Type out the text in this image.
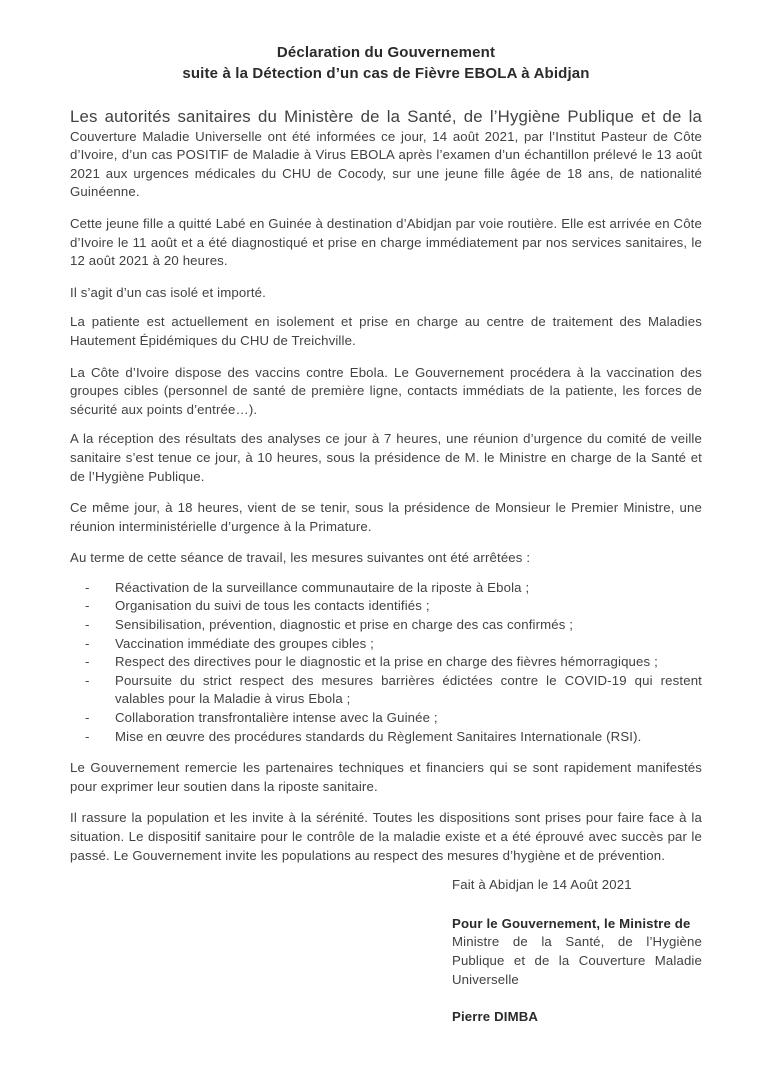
Déclaration du Gouvernement
suite à la Détection d’un cas de Fièvre EBOLA à Abidjan

Les autorités sanitaires du Ministère de la Santé, de l’Hygiène Publique et de la Couverture Maladie Universelle ont été informées ce jour, 14 août 2021, par l’Institut Pasteur de Côte d’Ivoire, d’un cas POSITIF de Maladie à Virus EBOLA après l’examen d’un échantillon prélevé le 13 août 2021 aux urgences médicales du CHU de Cocody, sur une jeune fille âgée de 18 ans, de nationalité Guinéenne.

Cette jeune fille a quitté Labé en Guinée à destination d’Abidjan par voie routière. Elle est arrivée en Côte d’Ivoire le 11 août et a été diagnostiqué et prise en charge immédiatement par nos services sanitaires, le 12 août 2021 à 20 heures.

Il s’agit d’un cas isolé et importé.

La patiente est actuellement en isolement et prise en charge au centre de traitement des Maladies Hautement Épidémiques du CHU de Treichville.

La Côte d’Ivoire dispose des vaccins contre Ebola. Le Gouvernement procédera à la vaccination des groupes cibles (personnel de santé de première ligne, contacts immédiats de la patiente, les forces de sécurité aux points d’entrée…).

A la réception des résultats des analyses ce jour à 7 heures, une réunion d’urgence du comité de veille sanitaire s’est tenue ce jour, à 10 heures, sous la présidence de M. le Ministre en charge de la Santé et de l’Hygiène Publique.

Ce même jour, à 18 heures, vient de se tenir, sous la présidence de Monsieur le Premier Ministre, une réunion interministérielle d’urgence à la Primature.

Au terme de cette séance de travail, les mesures suivantes ont été arrêtées :

- Réactivation de la surveillance communautaire de la riposte à Ebola ;
- Organisation du suivi de tous les contacts identifiés ;
- Sensibilisation, prévention, diagnostic et prise en charge des cas confirmés ;
- Vaccination immédiate des groupes cibles ;
- Respect des directives pour le diagnostic et la prise en charge des fièvres hémorragiques ;
- Poursuite du strict respect des mesures barrières édictées contre le COVID-19 qui restent valables pour la Maladie à virus Ebola ;
- Collaboration transfrontalière intense avec la Guinée ;
- Mise en œuvre des procédures standards du Règlement Sanitaires Internationale (RSI).

Le Gouvernement remercie les partenaires techniques et financiers qui se sont rapidement manifestés pour exprimer leur soutien dans la riposte sanitaire.

Il rassure la population et les invite à la sérénité. Toutes les dispositions sont prises pour faire face à la situation. Le dispositif sanitaire pour le contrôle de la maladie existe et a été éprouvé avec succès par le passé. Le Gouvernement invite les populations au respect des mesures d’hygiène et de prévention.

Fait à Abidjan le 14 Août 2021

Pour le Gouvernement, le Ministre de

Ministre de la Santé, de l’Hygiène Publique et de la Couverture Maladie Universelle

Pierre DIMBA
